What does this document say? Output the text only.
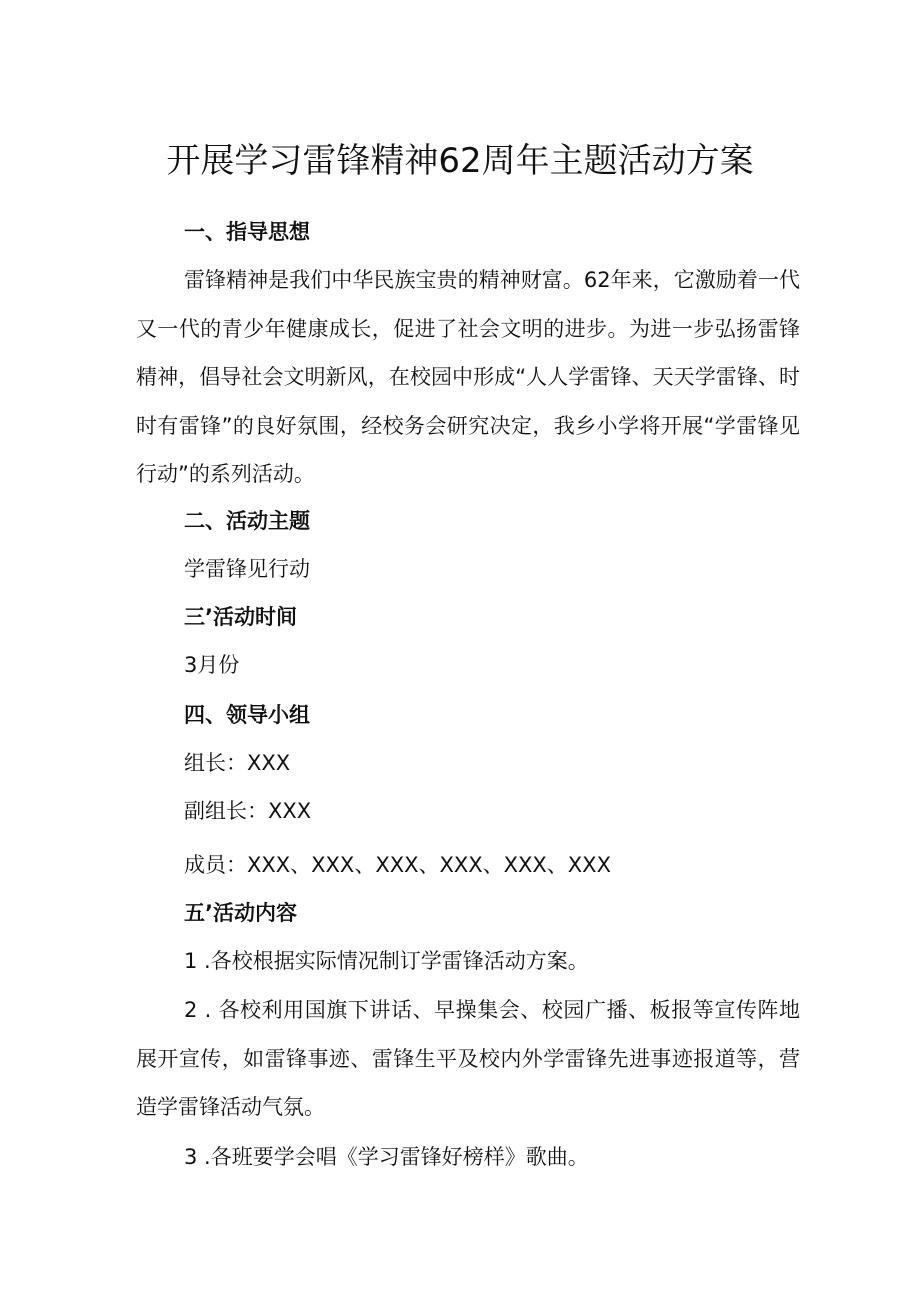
开展学习雷锋精神62周年主题活动方案
一、指导思想
雷锋精神是我们中华民族宝贵的精神财富。62年来，它激励着一代又一代的青少年健康成长，促进了社会文明的进步。为进一步弘扬雷锋精神，倡导社会文明新风，在校园中形成“人人学雷锋、天天学雷锋、时时有雷锋”的良好氛围，经校务会研究决定，我乡小学将开展“学雷锋见行动”的系列活动。
二、活动主题
学雷锋见行动
三’活动时间
3月份
四、领导小组
组长：XXX
副组长：XXX
成员：XXX、XXX、XXX、XXX、XXX、XXX
五’活动内容
1 .各校根据实际情况制订学雷锋活动方案。
2 . 各校利用国旗下讲话、早操集会、校园广播、板报等宣传阵地展开宣传，如雷锋事迹、雷锋生平及校内外学雷锋先进事迹报道等，营造学雷锋活动气氛。
3 .各班要学会唱《学习雷锋好榜样》歌曲。
